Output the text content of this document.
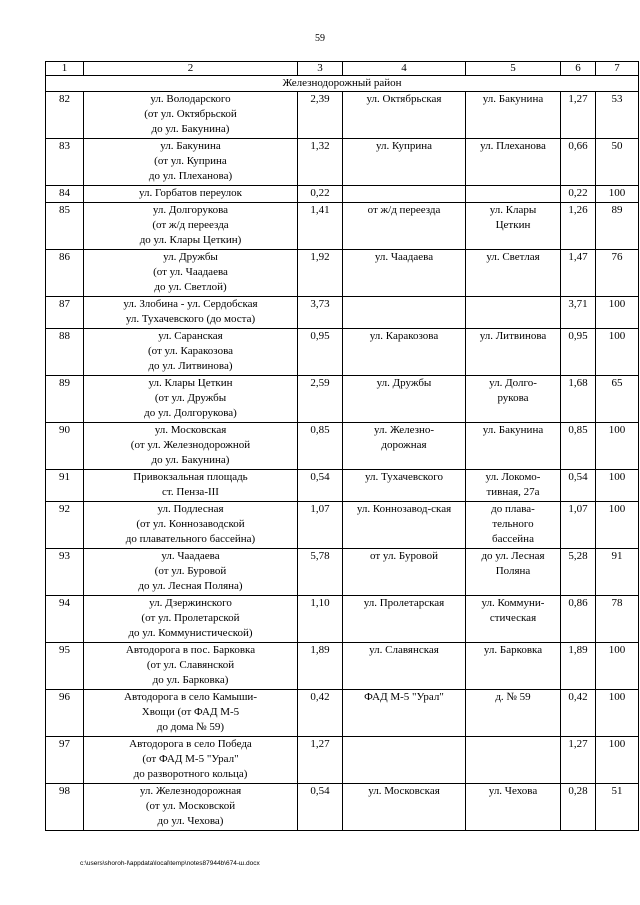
59
1	2	3	4	5	6	7
Железнодорожный район						
82	ул. Володарского
(от ул. Октябрьской
до ул. Бакунина)	2,39	ул. Октябрьская	ул. Бакунина	1,27	53
83	ул. Бакунина
(от ул. Куприна
до ул. Плеханова)	1,32	ул. Куприна	ул. Плеханова	0,66	50
84	ул. Горбатов переулок	0,22			0,22	100
85	ул. Долгорукова
(от ж/д переезда
до ул. Клары Цеткин)	1,41	от ж/д переезда	ул. Клары
Цеткин	1,26	89
86	ул. Дружбы
(от ул. Чаадаева
до ул. Светлой)	1,92	ул. Чаадаева	ул. Светлая	1,47	76
87	ул. Злобина - ул. Сердобская
ул. Тухачевского (до моста)	3,73			3,71	100
88	ул. Саранская
(от ул. Каракозова
до ул. Литвинова)	0,95	ул. Каракозова	ул. Литвинова	0,95	100
89	ул. Клары Цеткин
(от ул. Дружбы
до ул. Долгорукова)	2,59	ул. Дружбы	ул. Долго-
рукова	1,68	65
90	ул. Московская
(от ул. Железнодорожной
до ул. Бакунина)	0,85	ул. Железно-
дорожная	ул. Бакунина	0,85	100
91	Привокзальная площадь
ст. Пенза-III	0,54	ул. Тухачевского	ул. Локомо-
тивная, 27а	0,54	100
92	ул. Подлесная
(от ул. Коннозаводской
до плавательного бассейна)	1,07	ул. Коннозавод-ская	до плава-
тельного
бассейна	1,07	100
93	ул. Чаадаева
(от ул. Буровой
до ул. Лесная Поляна)	5,78	от ул. Буровой	до ул. Лесная
Поляна	5,28	91
94	ул. Дзержинского
(от ул. Пролетарской
до ул. Коммунистической)	1,10	ул. Пролетарская	ул. Коммуни-
стическая	0,86	78
95	Автодорога в пос. Барковка
(от ул. Славянской
до ул. Барковка)	1,89	ул. Славянская	ул. Барковка	1,89	100
96	Автодорога в село Камыши-
Хвощи (от ФАД М-5
до дома № 59)	0,42	ФАД М-5 "Урал"	д. № 59	0,42	100
97	Автодорога в село Победа
(от ФАД М-5 "Урал"
до разворотного кольца)	1,27			1,27	100
98	ул. Железнодорожная
(от ул. Московской
до ул. Чехова)	0,54	ул. Московская	ул. Чехова	0,28	51
c:\users\shoroh-l\appdata\local\temp\notes87944b\674-ш.docx
